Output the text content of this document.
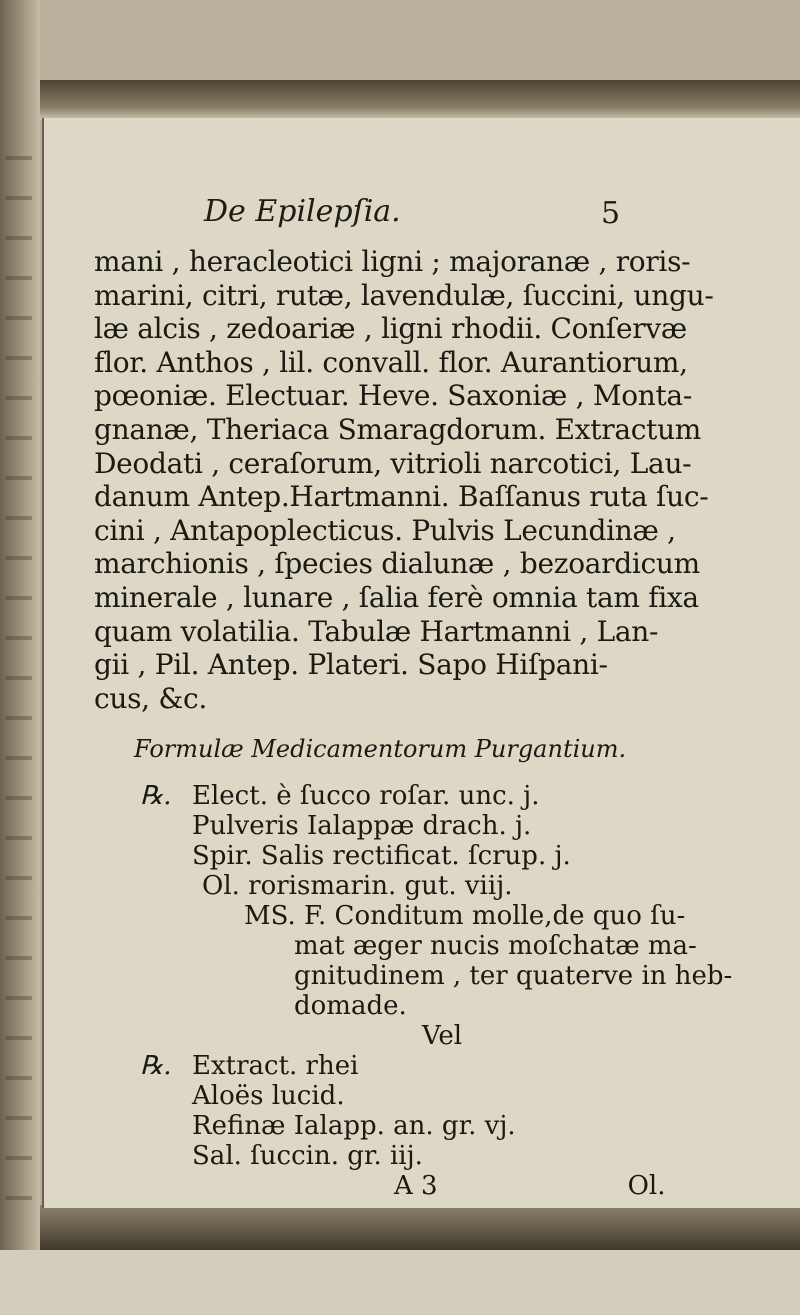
De Epilepſia.	5
mani , heracleotici ligni ; majoranæ , roris-
marini, citri, rutæ, lavendulæ, ſuccini, ungu-
læ alcis , zedoariæ , ligni rhodii. Conſervæ
flor. Anthos , lil. convall. flor. Aurantiorum,
pœoniæ. Electuar. Heve. Saxoniæ , Monta-
gnanæ, Theriaca Smaragdorum. Extractum
Deodati , ceraſorum, vitrioli narcotici, Lau-
danum Antep.Hartmanni. Baſſanus ruta ſuc-
cini , Antapoplecticus. Pulvis Lecundinæ ,
marchionis , ſpecies dialunæ , bezoardicum
minerale , lunare , ſalia ferè omnia tam fixa
quam volatilia. Tabulæ Hartmanni , Lan-
gii , Pil. Antep. Plateri. Sapo Hiſpani-
cus, &c.
Formulæ Medicamentorum Purgantium.
℞. Elect. è ſucco roſar. unc. j.
Pulveris Ialappæ drach. j.
Spir. Salis rectificat. ſcrup. j.
Ol. rorismarin. gut. viij.
MS. F. Conditum molle,de quo ſu-
mat æger nucis moſchatæ ma-
gnitudinem , ter quaterve in heb-
domade.
Vel
℞. Extract. rhei
Aloës lucid.
Refinæ Ialapp. an. gr. vj.
Sal. ſuccin. gr. iij.
A 3	Ol.
